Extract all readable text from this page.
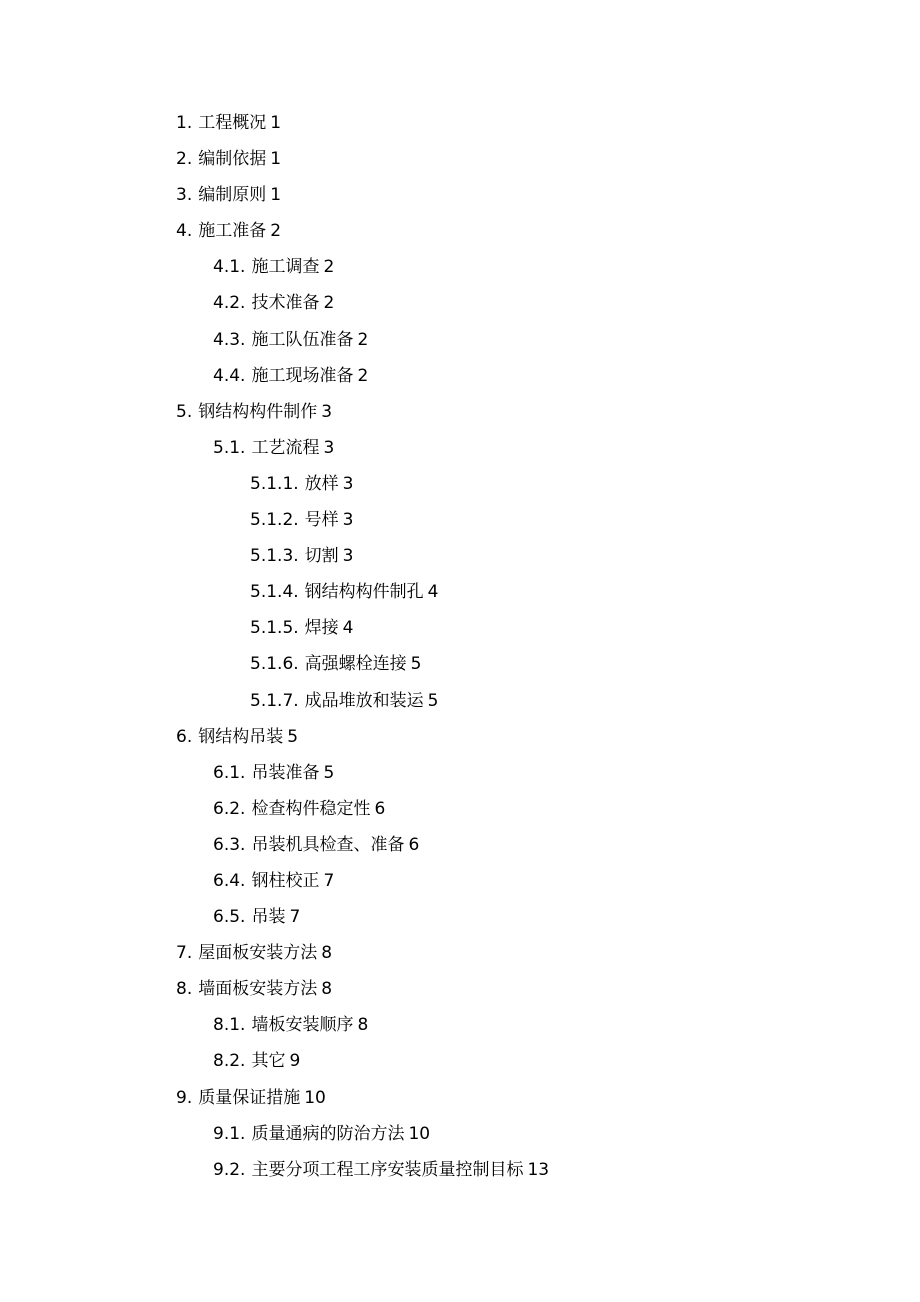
1. 工程概况 1
2. 编制依据 1
3. 编制原则 1
4. 施工准备 2
4.1. 施工调查 2
4.2. 技术准备 2
4.3. 施工队伍准备 2
4.4. 施工现场准备 2
5. 钢结构构件制作 3
5.1. 工艺流程 3
5.1.1. 放样 3
5.1.2. 号样 3
5.1.3. 切割 3
5.1.4. 钢结构构件制孔 4
5.1.5. 焊接 4
5.1.6. 高强螺栓连接 5
5.1.7. 成品堆放和装运 5
6. 钢结构吊装 5
6.1. 吊装准备 5
6.2. 检查构件稳定性 6
6.3. 吊装机具检查、准备 6
6.4. 钢柱校正 7
6.5. 吊装 7
7. 屋面板安装方法 8
8. 墙面板安装方法 8
8.1. 墙板安装顺序 8
8.2. 其它 9
9. 质量保证措施 10
9.1. 质量通病的防治方法 10
9.2. 主要分项工程工序安装质量控制目标 13
